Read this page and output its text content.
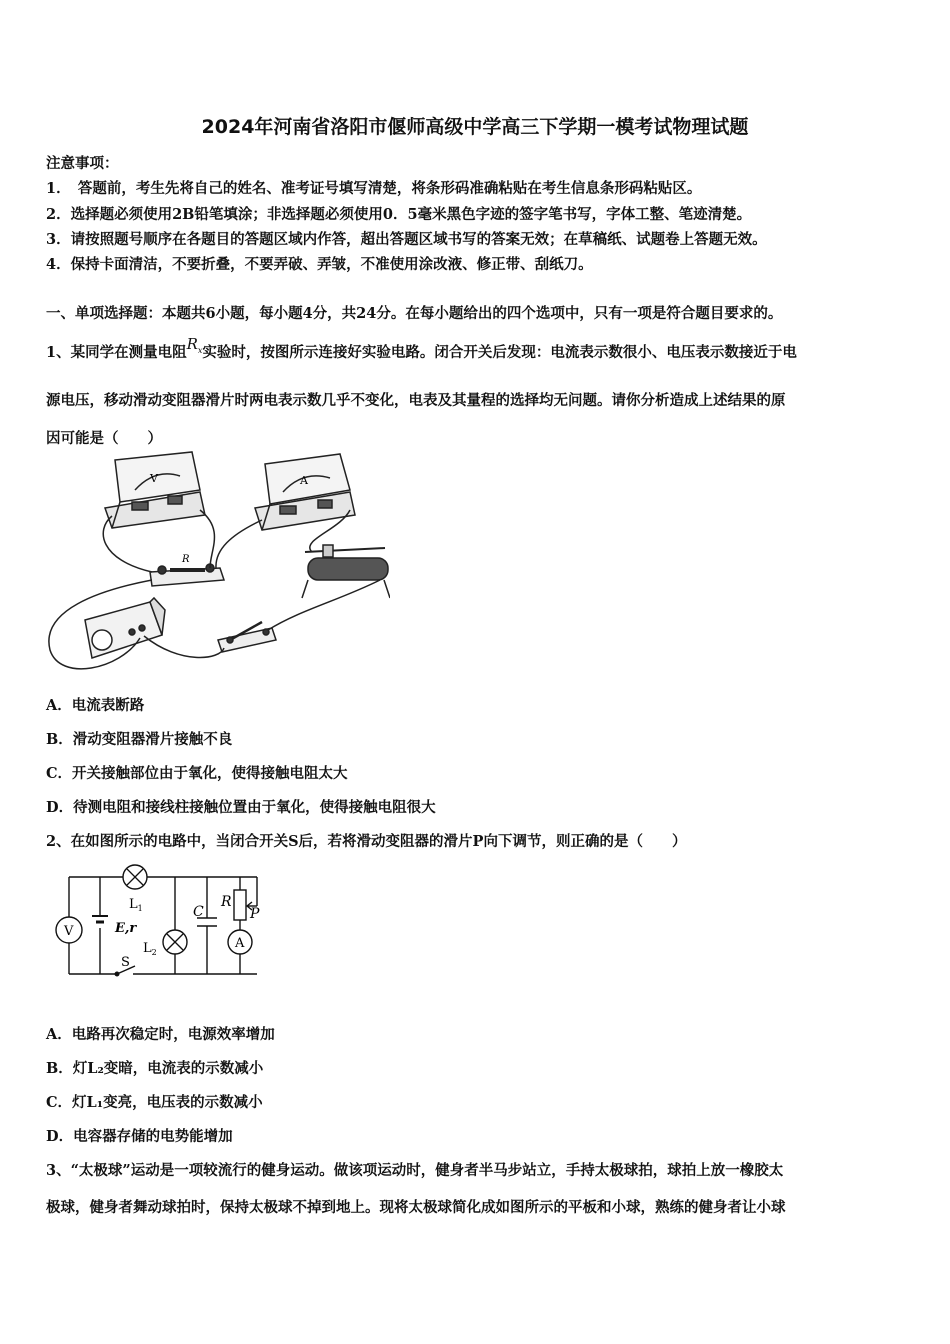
2024年河南省洛阳市偃师高级中学高三下学期一模考试物理试题
注意事项：
1．　答题前，考生先将自己的姓名、准考证号填写清楚，将条形码准确粘贴在考生信息条形码粘贴区。
2．选择题必须使用2B铅笔填涂；非选择题必须使用0．5毫米黑色字迹的签字笔书写，字体工整、笔迹清楚。
3．请按照题号顺序在各题目的答题区域内作答，超出答题区域书写的答案无效；在草稿纸、试题卷上答题无效。
4．保持卡面清洁，不要折叠，不要弄破、弄皱，不准使用涂改液、修正带、刮纸刀。
一、单项选择题：本题共6小题，每小题4分，共24分。在每小题给出的四个选项中，只有一项是符合题目要求的。
1、某同学在测量电阻$R_x$实验时，按图所示连接好实验电路。闭合开关后发现：电流表示数很小、电压表示数接近于电
源电压，移动滑动变阻器滑片时两电表示数几乎不变化，电表及其量程的选择均无问题。请你分析造成上述结果的原
因可能是（　　）
V	A
R
A．电流表断路
B．滑动变阻器滑片接触不良
C．开关接触部位由于氧化，使得接触电阻太大
D．待测电阻和接线柱接触位置由于氧化，使得接触电阻很大
2、在如图所示的电路中，当闭合开关S后，若将滑动变阻器的滑片P向下调节，则正确的是（　　）
V
$L_1$
E,r
$L_2$
S
C
R
P
A
A．电路再次稳定时，电源效率增加
B．灯L₂变暗，电流表的示数减小
C．灯L₁变亮，电压表的示数减小
D．电容器存储的电势能增加
3、“太极球”运动是一项较流行的健身运动。做该项运动时，健身者半马步站立，手持太极球拍，球拍上放一橡胶太
极球，健身者舞动球拍时，保持太极球不掉到地上。现将太极球简化成如图所示的平板和小球，熟练的健身者让小球
